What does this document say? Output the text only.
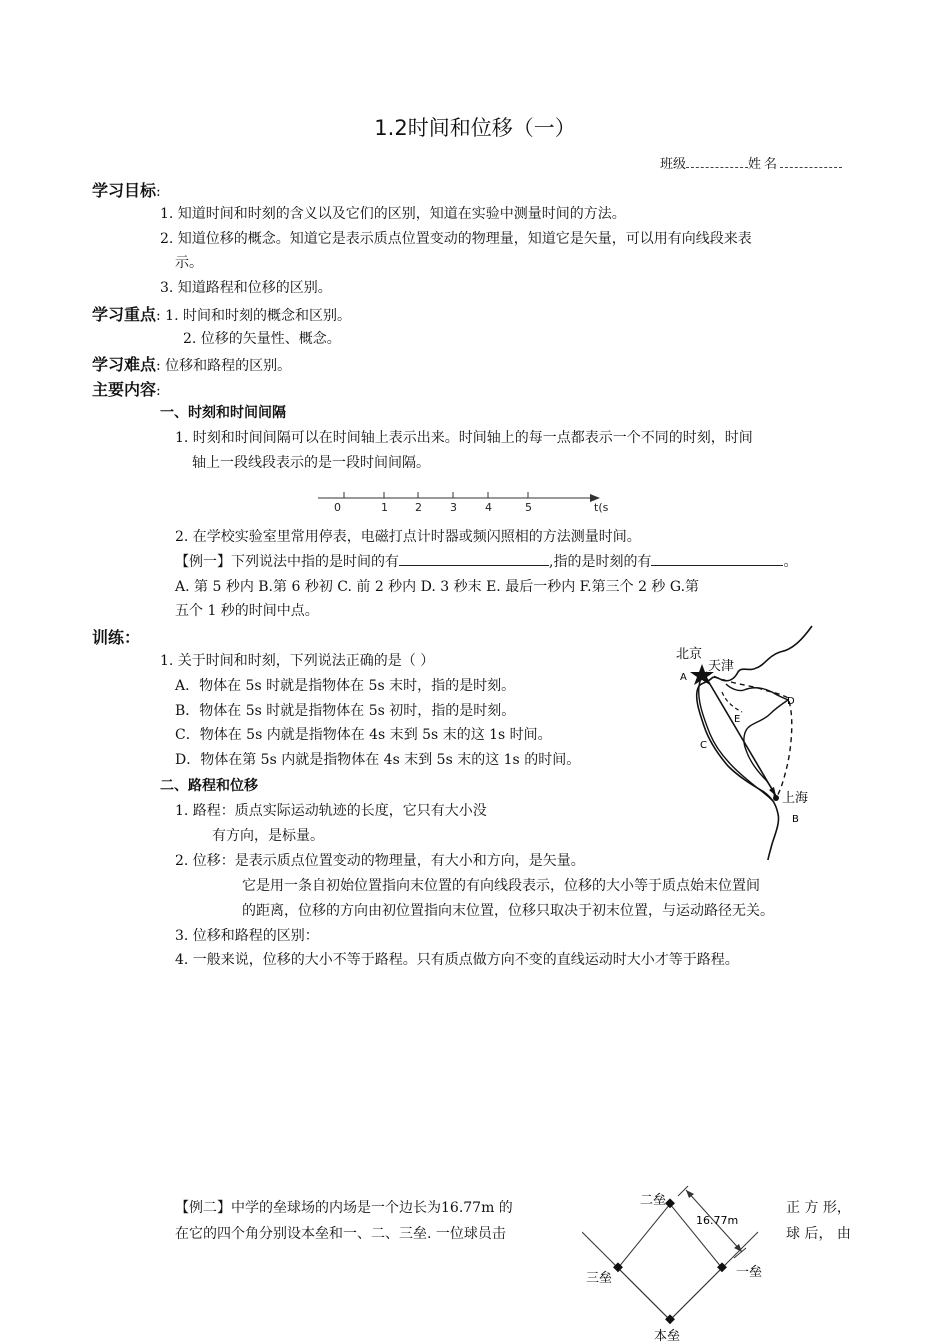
1.2时间和位移（一）
班级	姓名
学习目标:
1. 知道时间和时刻的含义以及它们的区别，知道在实验中测量时间的方法。
2. 知道位移的概念。知道它是表示质点位置变动的物理量，知道它是矢量，可以用有向线段来表
示。
3. 知道路程和位移的区别。
学习重点: 1. 时间和时刻的概念和区别。
2. 位移的矢量性、概念。
学习难点: 位移和路程的区别。
主要内容:
一、时刻和时间间隔
1. 时刻和时间间隔可以在时间轴上表示出来。时间轴上的每一点都表示一个不同的时刻，时间
轴上一段线段表示的是一段时间间隔。
0	1 2	3	4	5	t(s
2. 在学校实验室里常用停表，电磁打点计时器或频闪照相的方法测量时间。
【例一】下列说法中指的是时间的有	,指的是时刻的有	。
A. 第 5 秒内 B.第 6 秒初 C. 前 2 秒内 D. 3 秒末 E. 最后一秒内 F.第三个 2 秒 G.第
五个 1 秒的时间中点。
训练：
1. 关于时间和时刻，下列说法正确的是（ ）
A．物体在 5s 时就是指物体在 5s 末时，指的是时刻。
B．物体在 5s 时就是指物体在 5s 初时，指的是时刻。
C．物体在 5s 内就是指物体在 4s 末到 5s 末的这 1s 时间。
D．物体在第 5s 内就是指物体在 4s 末到 5s 末的这 1s 的时间。
北京
天津
A
D
E
C
上海
B
二、路程和位移
1. 路程：质点实际运动轨迹的长度，它只有大小没
有方向，是标量。
2. 位移：是表示质点位置变动的物理量，有大小和方向，是矢量。
它是用一条自初始位置指向末位置的有向线段表示，位移的大小等于质点始末位置间
的距离，位移的方向由初位置指向末位置，位移只取决于初末位置，与运动路径无关。
3. 位移和路程的区别：
4. 一般来说，位移的大小不等于路程。只有质点做方向不变的直线运动时大小才等于路程。
【例二】中学的垒球场的内场是一个边长为16.77m 的	正 方 形，
在它的四个角分别设本垒和一、二、三垒. 一位球员击	球 后， 由
二垒
16.77m
一垒
三垒
本垒
